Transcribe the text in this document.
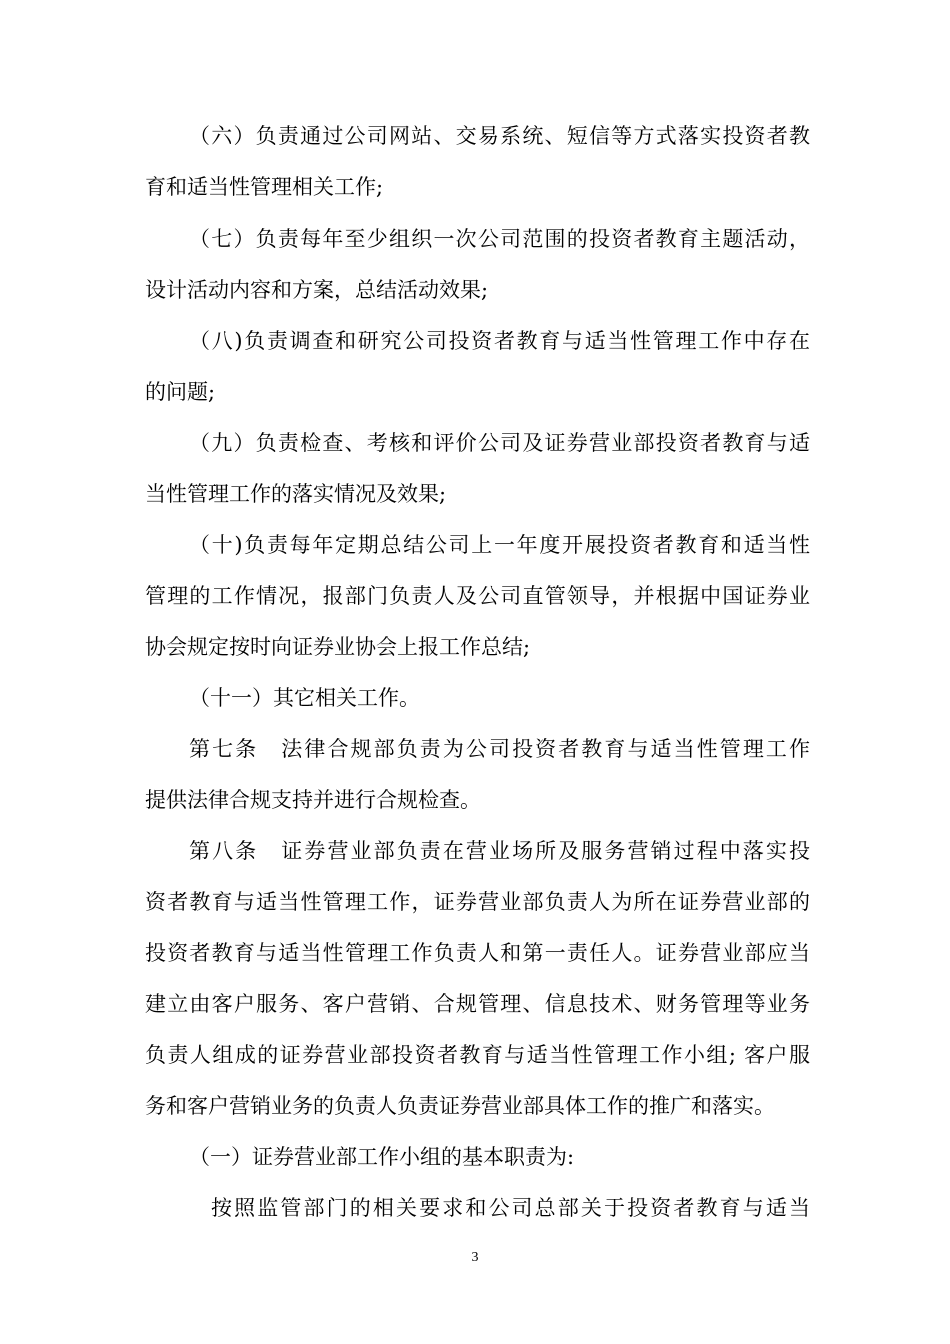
（六）负责通过公司网站、交易系统、短信等方式落实投资者教
育和适当性管理相关工作;
（七）负责每年至少组织一次公司范围的投资者教育主题活动，
设计活动内容和方案，总结活动效果;
（八)负责调查和研究公司投资者教育与适当性管理工作中存在
的问题;
（九）负责检查、考核和评价公司及证券营业部投资者教育与适
当性管理工作的落实情况及效果;
（十)负责每年定期总结公司上一年度开展投资者教育和适当性
管理的工作情况，报部门负责人及公司直管领导，并根据中国证券业
协会规定按时向证券业协会上报工作总结;
（十一）其它相关工作。
第七条　法律合规部负责为公司投资者教育与适当性管理工作
提供法律合规支持并进行合规检查。
第八条　证券营业部负责在营业场所及服务营销过程中落实投
资者教育与适当性管理工作，证券营业部负责人为所在证券营业部的
投资者教育与适当性管理工作负责人和第一责任人。证券营业部应当
建立由客户服务、客户营销、合规管理、信息技术、财务管理等业务
负责人组成的证券营业部投资者教育与适当性管理工作小组; 客户服
务和客户营销业务的负责人负责证券营业部具体工作的推广和落实。
（一）证券营业部工作小组的基本职责为:
按照监管部门的相关要求和公司总部关于投资者教育与适当
3
